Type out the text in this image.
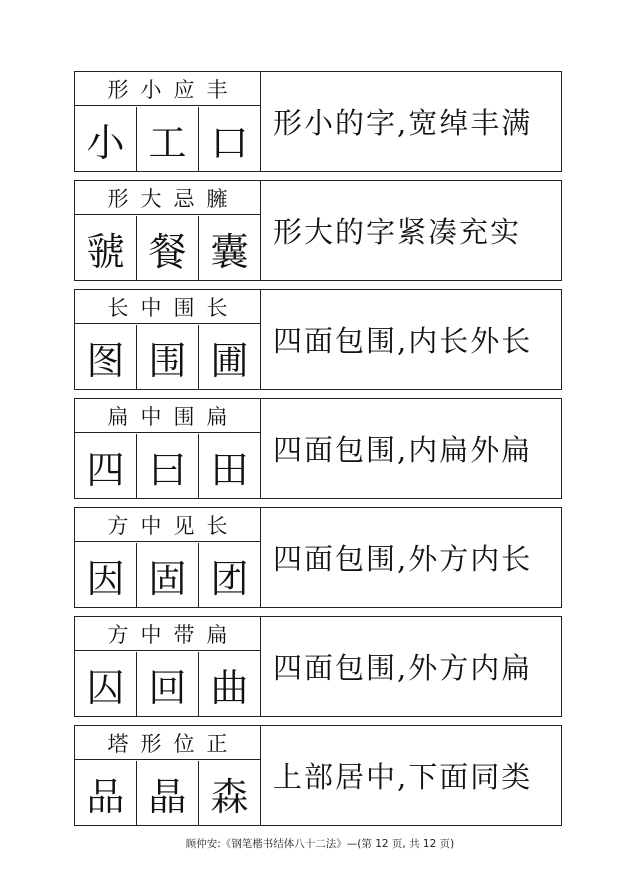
形小应丰
小 工 口 形小的字,宽绰丰满
形大忌臃
虢 餐 囊 形大的字紧凑充实
长中围长
图 围 圃 四面包围,内长外长
扁中围扁
四 曰 田 四面包围,内扁外扁
方中见长
因 固 团 四面包围,外方内长
方中带扁
囚 回 曲 四面包围,外方内扁
塔形位正
品 晶 森 上部居中,下面同类
顾仲安:《钢笔楷书结体八十二法》—(第 12 页, 共 12 页)
